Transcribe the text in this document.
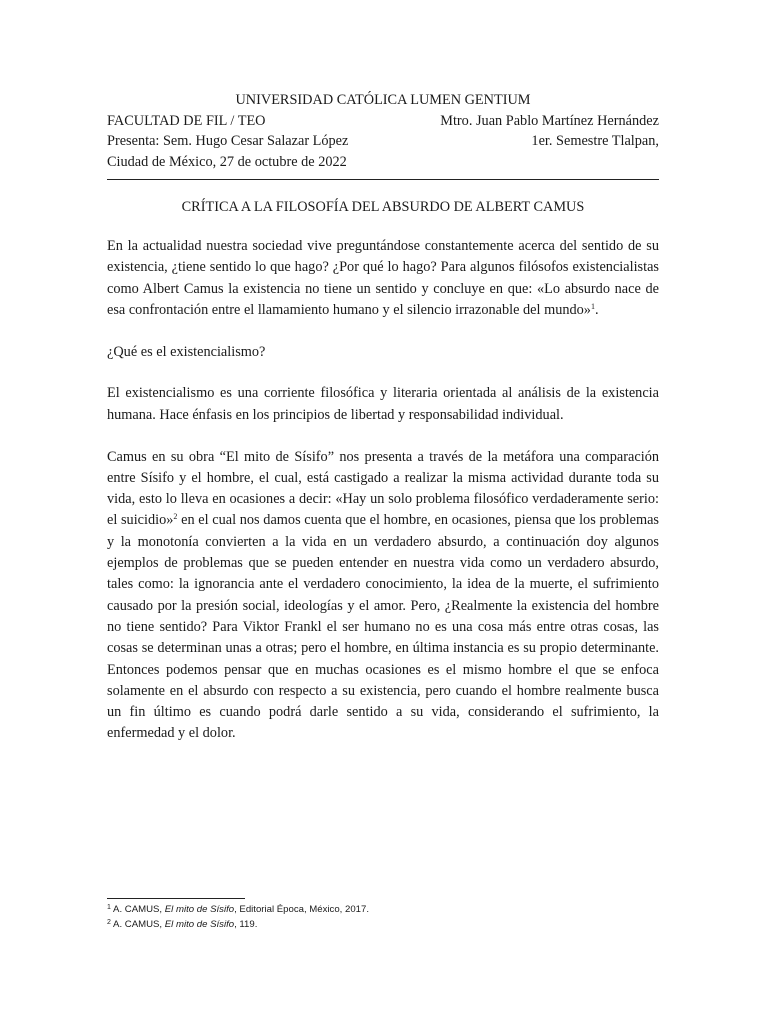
UNIVERSIDAD CATÓLICA LUMEN GENTIUM
FACULTAD DE FIL / TEO	Mtro. Juan Pablo Martínez Hernández
Presenta: Sem. Hugo Cesar Salazar López	1er. Semestre Tlalpan,
Ciudad de México, 27 de octubre de 2022
CRÍTICA A LA FILOSOFÍA DEL ABSURDO DE ALBERT CAMUS

En la actualidad nuestra sociedad vive preguntándose constantemente acerca del sentido de su existencia, ¿tiene sentido lo que hago? ¿Por qué lo hago? Para algunos filósofos existencialistas como Albert Camus la existencia no tiene un sentido y concluye en que: «Lo absurdo nace de esa confrontación entre el llamamiento humano y el silencio irrazonable del mundo»$^1$.

¿Qué es el existencialismo?

El existencialismo es una corriente filosófica y literaria orientada al análisis de la existencia humana. Hace énfasis en los principios de libertad y responsabilidad individual.

Camus en su obra “El mito de Sísifo” nos presenta a través de la metáfora una comparación entre Sísifo y el hombre, el cual, está castigado a realizar la misma actividad durante toda su vida, esto lo lleva en ocasiones a decir: «Hay un solo problema filosófico verdaderamente serio: el suicidio»$^2$ en el cual nos damos cuenta que el hombre, en ocasiones, piensa que los problemas y la monotonía convierten a la vida en un verdadero absurdo, a continuación doy algunos ejemplos de problemas que se pueden entender en nuestra vida como un verdadero absurdo, tales como: la ignorancia ante el verdadero conocimiento, la idea de la muerte, el sufrimiento causado por la presión social, ideologías y el amor. Pero, ¿Realmente la existencia del hombre no tiene sentido? Para Viktor Frankl el ser humano no es una cosa más entre otras cosas, las cosas se determinan unas a otras; pero el hombre, en última instancia es su propio determinante. Entonces podemos pensar que en muchas ocasiones es el mismo hombre el que se enfoca solamente en el absurdo con respecto a su existencia, pero cuando el hombre realmente busca un fin último es cuando podrá darle sentido a su vida, considerando el sufrimiento, la enfermedad y el dolor.

$^1$ A. CAMUS, El mito de Sísifo, Editorial Época, México, 2017.
$^2$ A. CAMUS, El mito de Sísifo, 119.
